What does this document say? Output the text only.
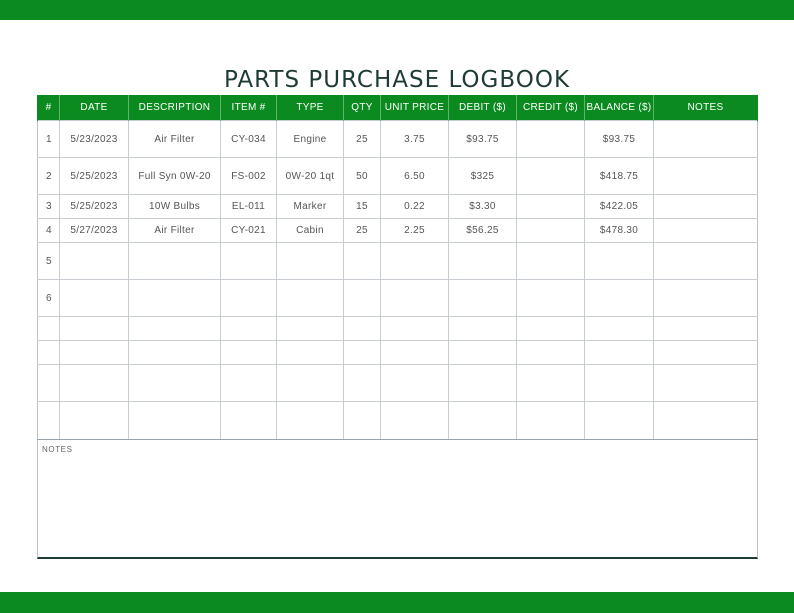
PARTS PURCHASE LOGBOOK
#	DATE	DESCRIPTION	ITEM #	TYPE	QTY	UNIT PRICE	DEBIT ($)	CREDIT ($)	BALANCE ($)	NOTES
1	5/23/2023	Air Filter	CY-034	Engine	25	3.75	$93.75		$93.75	
2	5/25/2023	Full Syn 0W-20	FS-002	0W-20 1qt	50	6.50	$325		$418.75	
3	5/25/2023	10W Bulbs	EL-011	Marker	15	0.22	$3.30		$422.05	
4	5/27/2023	Air Filter	CY-021	Cabin	25	2.25	$56.25		$478.30	
5										
6										

NOTES
